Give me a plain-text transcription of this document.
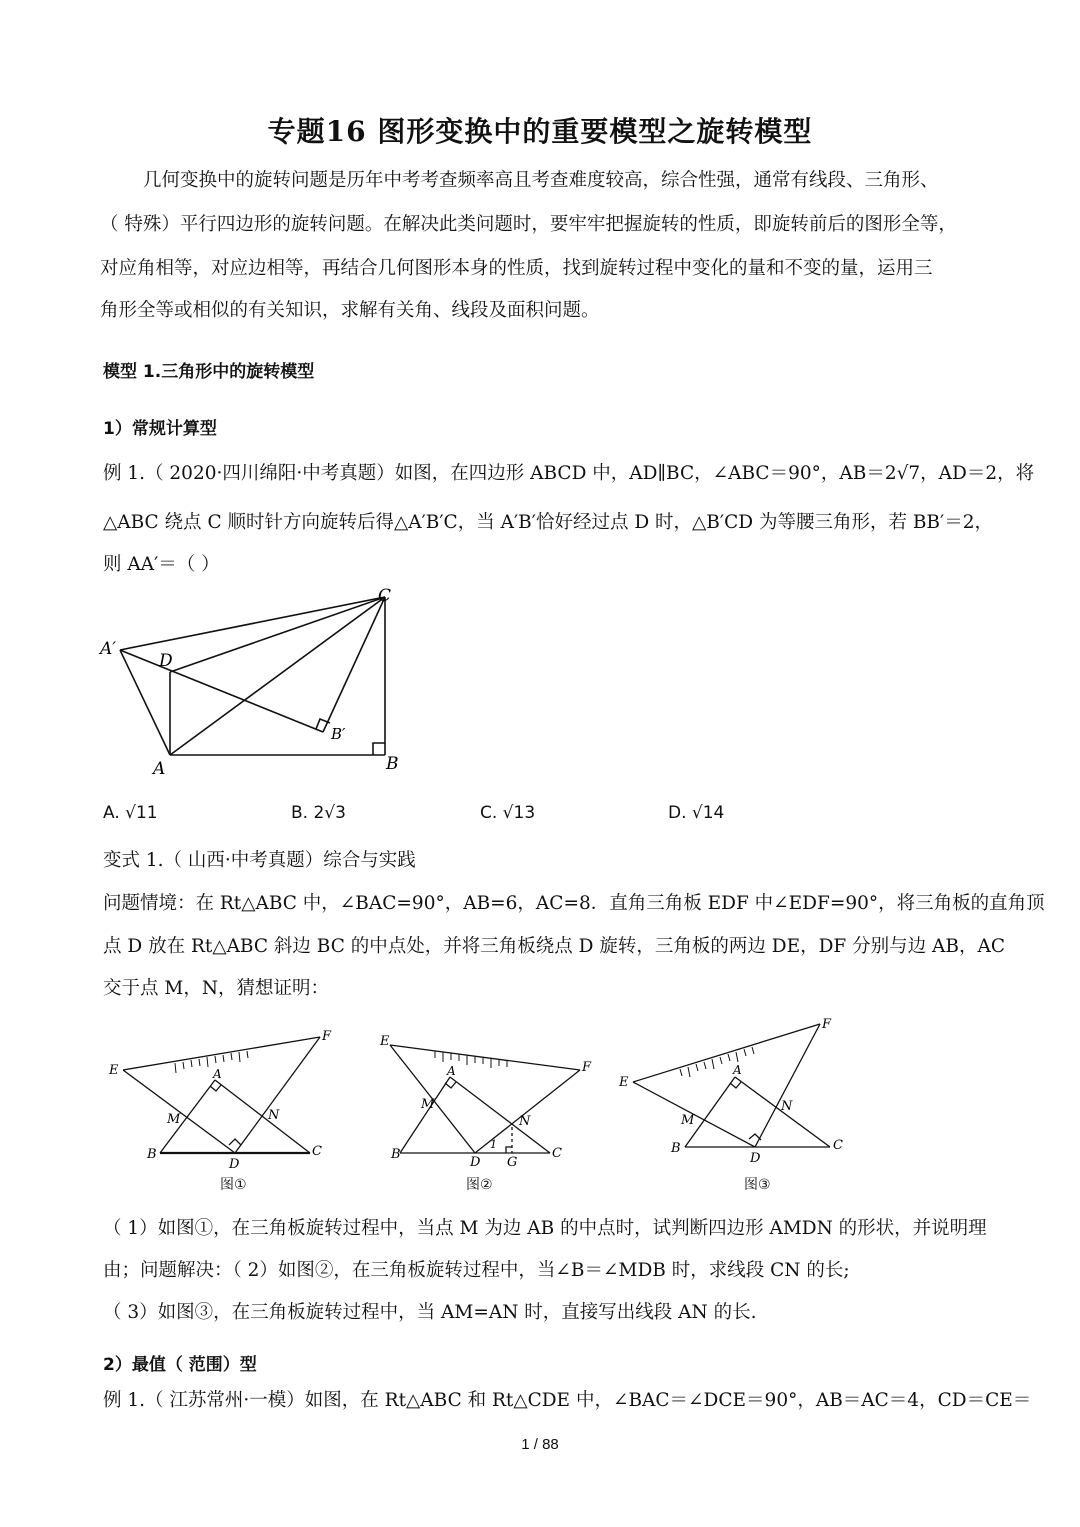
专题16 图形变换中的重要模型之旋转模型
几何变换中的旋转问题是历年中考考查频率高且考查难度较高，综合性强，通常有线段、三角形、
（ 特殊）平行四边形的旋转问题。在解决此类问题时，要牢牢把握旋转的性质，即旋转前后的图形全等，
对应角相等，对应边相等，再结合几何图形本身的性质，找到旋转过程中变化的量和不变的量，运用三
角形全等或相似的有关知识，求解有关角、线段及面积问题。
模型 1.三角形中的旋转模型
1）常规计算型
例 1.（ 2020·四川绵阳·中考真题）如图，在四边形 ABCD 中，AD∥BC，∠ABC＝90°，AB＝2√7，AD＝2，将
△ABC 绕点 C 顺时针方向旋转后得△A′B′C，当 A′B′恰好经过点 D 时，△B′CD 为等腰三角形，若 BB′＝2，
则 AA′＝（ ）
C
A′
D
B′
A	B
A. √11	B. 2√3	C. √13	D. √14
变式 1.（ 山西·中考真题）综合与实践
问题情境：在 Rt△ABC 中，∠BAC=90°，AB=6，AC=8．直角三角板 EDF 中∠EDF=90°，将三角板的直角顶
点 D 放在 Rt△ABC 斜边 BC 的中点处，并将三角板绕点 D 旋转，三角板的两边 DE，DF 分别与边 AB，AC
交于点 M，N，猜想证明：
E
F
A
M	N
B	C
D
图①
E
F
A
M
N
B	C
D G
1
图②
E
F
A
M
N
B	C
D
图③
（ 1）如图①，在三角板旋转过程中，当点 M 为边 AB 的中点时，试判断四边形 AMDN 的形状，并说明理
由；问题解决：（ 2）如图②，在三角板旋转过程中，当∠B＝∠MDB 时，求线段 CN 的长;
（ 3）如图③，在三角板旋转过程中，当 AM=AN 时，直接写出线段 AN 的长.
2）最值（ 范围）型
例 1.（ 江苏常州·一模）如图，在 Rt△ABC 和 Rt△CDE 中，∠BAC＝∠DCE＝90°，AB＝AC＝4，CD＝CE＝
1 / 88
